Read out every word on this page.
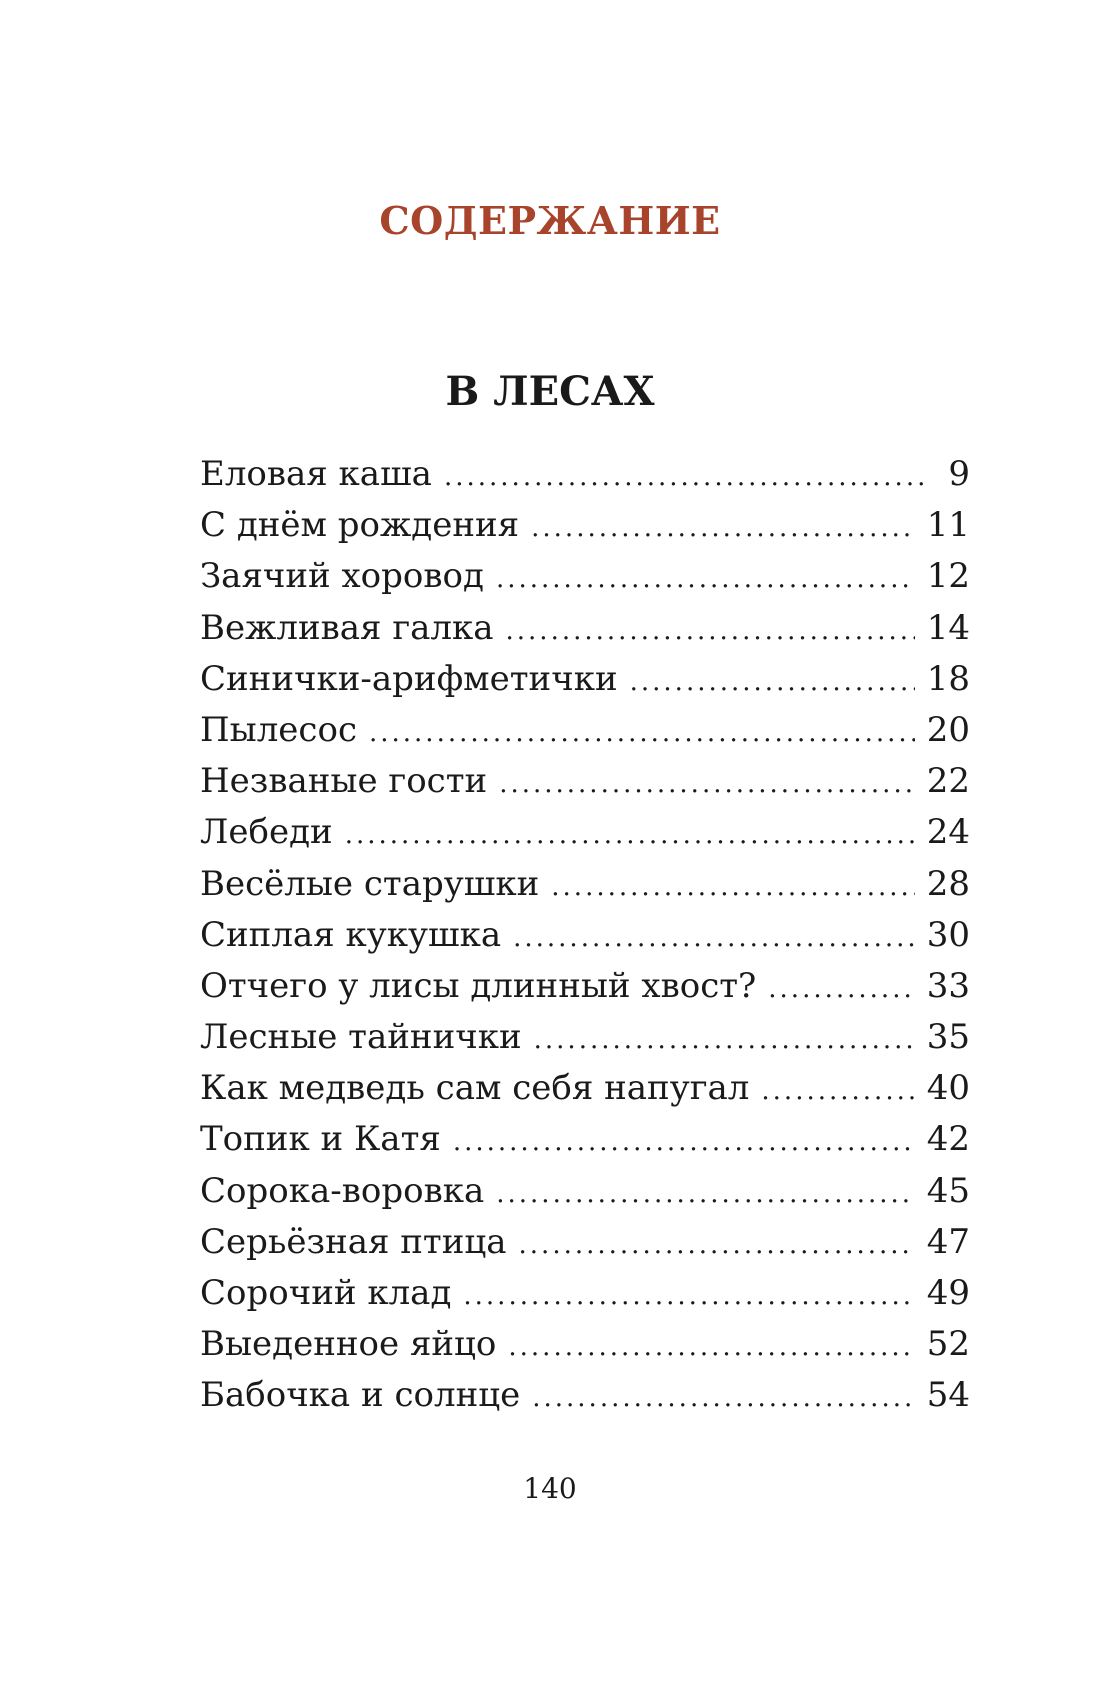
СОДЕРЖАНИЕ
В ЛЕСАХ
Еловая каша .....	9
С днём рождения .....	11
Заячий хоровод .....	12
Вежливая галка .....	14
Синички-арифметички .....	18
Пылесос .....	20
Незваные гости .....	22
Лебеди .....	24
Весёлые старушки .....	28
Сиплая кукушка .....	30
Отчего у лисы длинный хвост? .....	33
Лесные тайнички .....	35
Как медведь сам себя напугал .....	40
Топик и Катя .....	42
Сорока-воровка .....	45
Серьёзная птица .....	47
Сорочий клад .....	49
Выеденное яйцо .....	52
Бабочка и солнце .....	54

140
